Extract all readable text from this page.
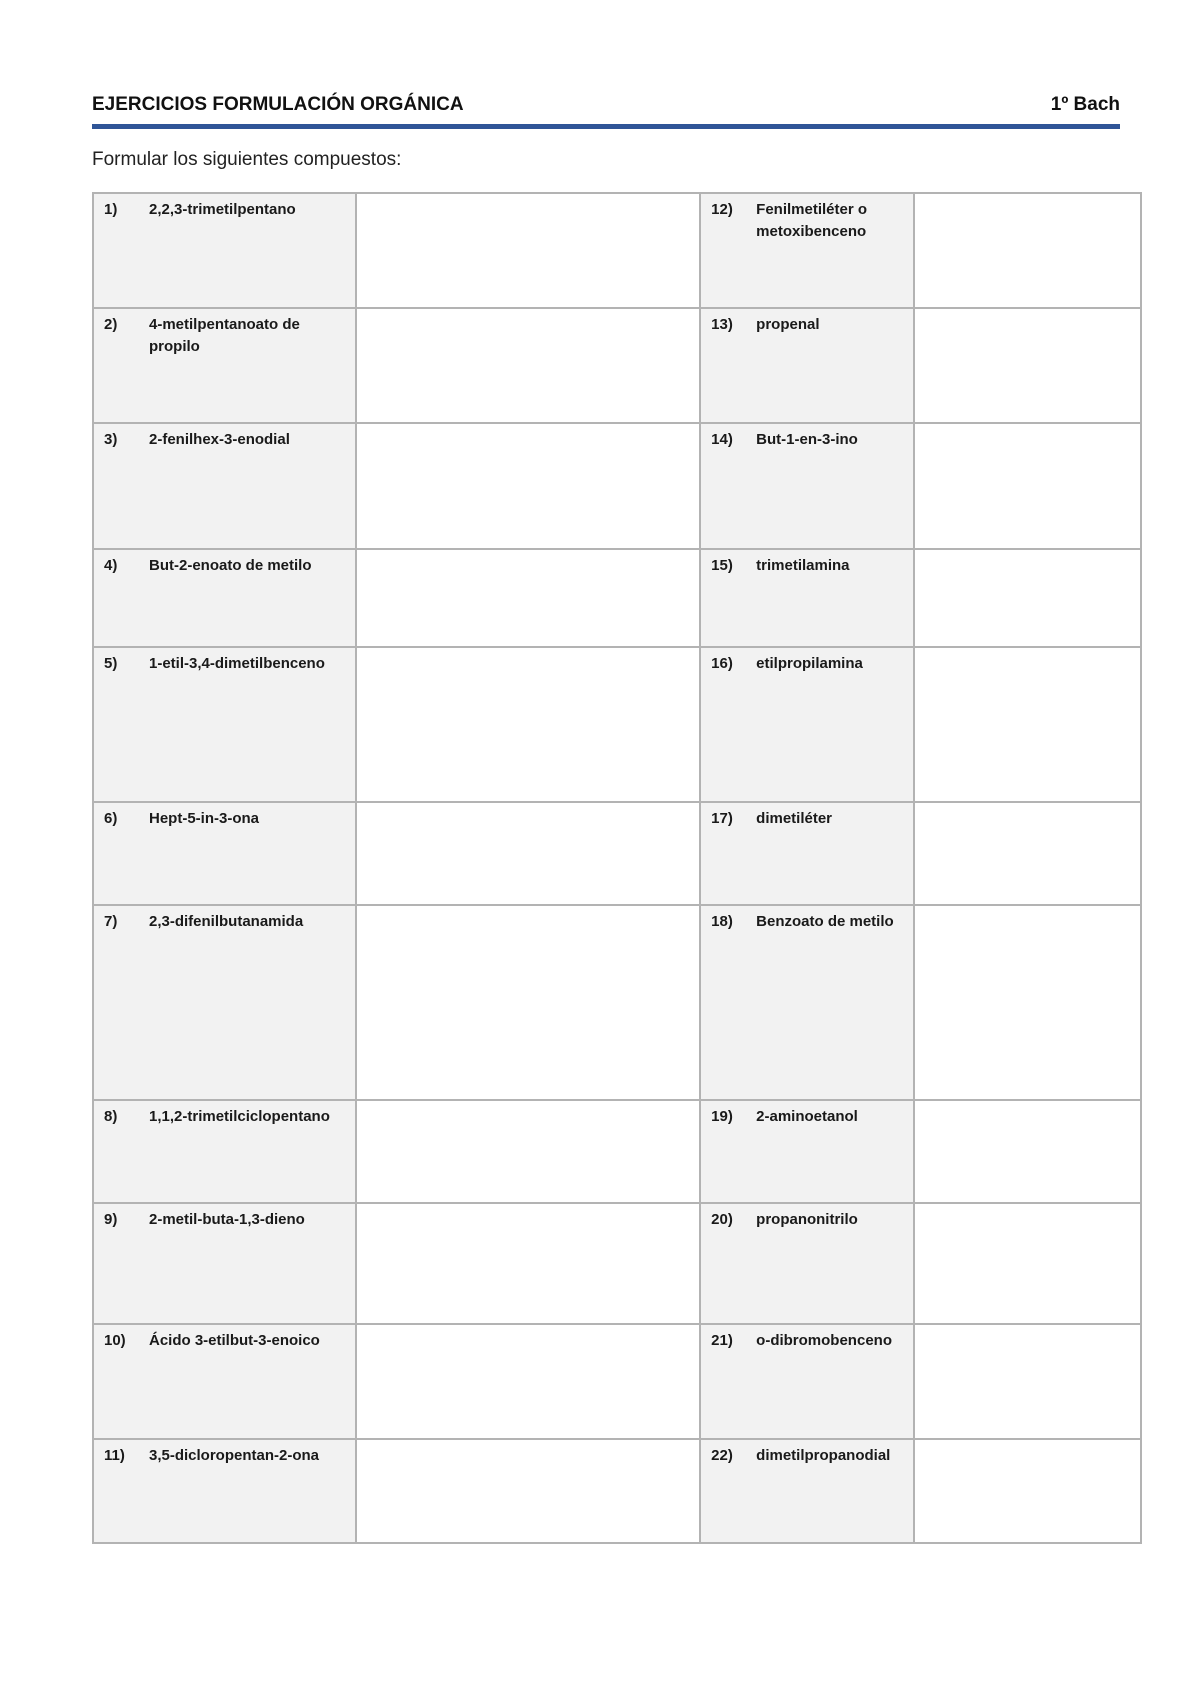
EJERCICIOS FORMULACIÓN ORGÁNICA	1º Bach
Formular los siguientes compuestos:
1) 2,2,3-trimetilpentano		12) Fenilmetiléter o metoxibenceno	

2) 4-metilpentanoato de propilo		13) propenal	

3) 2-fenilhex-3-enodial		14) But-1-en-3-ino	

4) But-2-enoato de metilo		15) trimetilamina	

5) 1-etil-3,4-dimetilbenceno		16) etilpropilamina	

6) Hept-5-in-3-ona		17) dimetiléter	

7) 2,3-difenilbutanamida		18) Benzoato de metilo	

8) 1,1,2-trimetilciclopentano		19) 2-aminoetanol	

9) 2-metil-buta-1,3-dieno		20) propanonitrilo	

10) Ácido 3-etilbut-3-enoico		21) o-dibromobenceno	

11) 3,5-dicloropentan-2-ona		22) dimetilpropanodial	
